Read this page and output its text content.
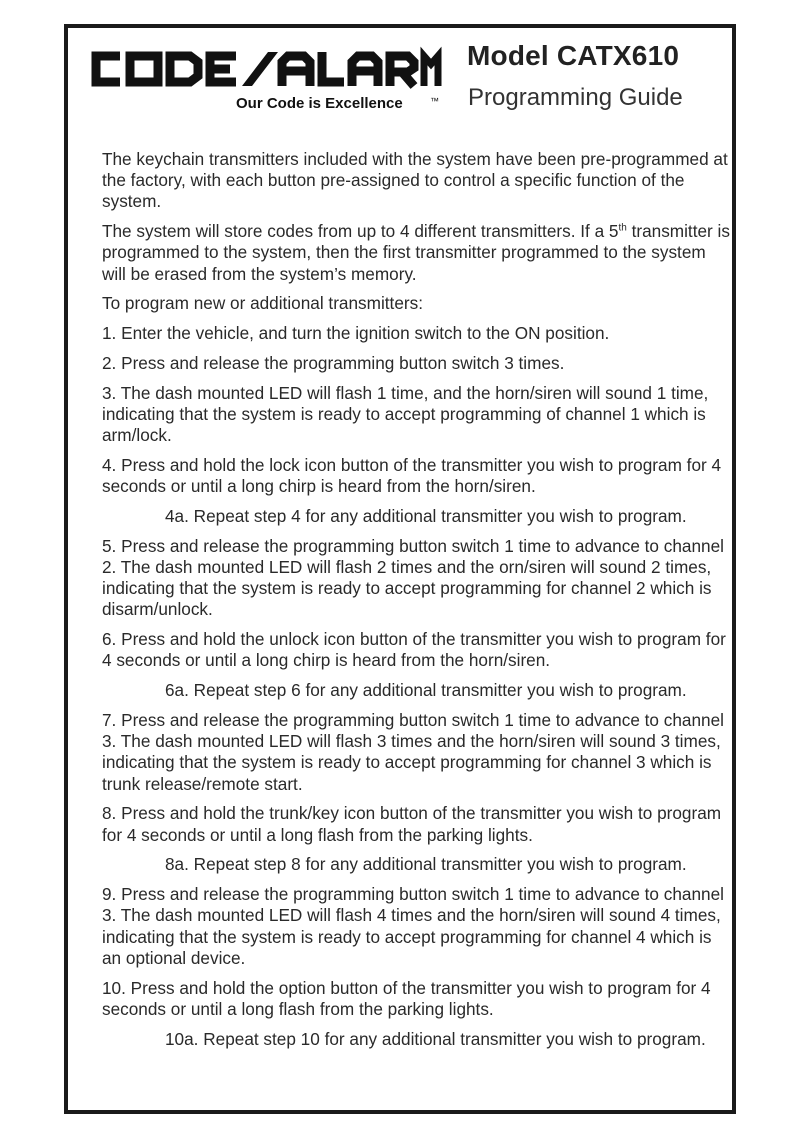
Our Code is Excellence	™
Model CATX610
Programming Guide

The keychain transmitters included with the system have been pre-programmed at the factory, with each button pre-assigned to control a specific function of the system.

The system will store codes from up to 4 different transmitters. If a 5th transmitter is programmed to the system, then the first transmitter programmed to the system will be erased from the system’s memory.

To program new or additional transmitters:

1. Enter the vehicle, and turn the ignition switch to the ON position.

2. Press and release the programming button switch 3 times.

3. The dash mounted LED will flash 1 time, and the horn/siren will sound 1 time, indicating that the system is ready to accept programming of channel 1 which is arm/lock.

4. Press and hold the lock icon button of the transmitter you wish to program for 4 seconds or until a long chirp is heard from the horn/siren.

4a. Repeat step 4 for any additional transmitter you wish to program.

5. Press and release the programming button switch 1 time to advance to channel 2. The dash mounted LED will flash 2 times and the orn/siren will sound 2 times, indicating that the system is ready to accept programming for channel 2 which is disarm/unlock.

6. Press and hold the unlock icon button of the transmitter you wish to program for 4 seconds or until a long chirp is heard from the horn/siren.

6a. Repeat step 6 for any additional transmitter you wish to program.

7. Press and release the programming button switch 1 time to advance to channel 3. The dash mounted LED will flash 3 times and the horn/siren will sound 3 times, indicating that the system is ready to accept programming for channel 3 which is trunk release/remote start.

8. Press and hold the trunk/key icon button of the transmitter you wish to program for 4 seconds or until a long flash from the parking lights.

8a. Repeat step 8 for any additional transmitter you wish to program.

9. Press and release the programming button switch 1 time to advance to channel 3. The dash mounted LED will flash 4 times and the horn/siren will sound 4 times, indicating that the system is ready to accept programming for channel 4 which is an optional device.

10. Press and hold the option button of the transmitter you wish to program for 4 seconds or until a long flash from the parking lights.

10a. Repeat step 10 for any additional transmitter you wish to program.
